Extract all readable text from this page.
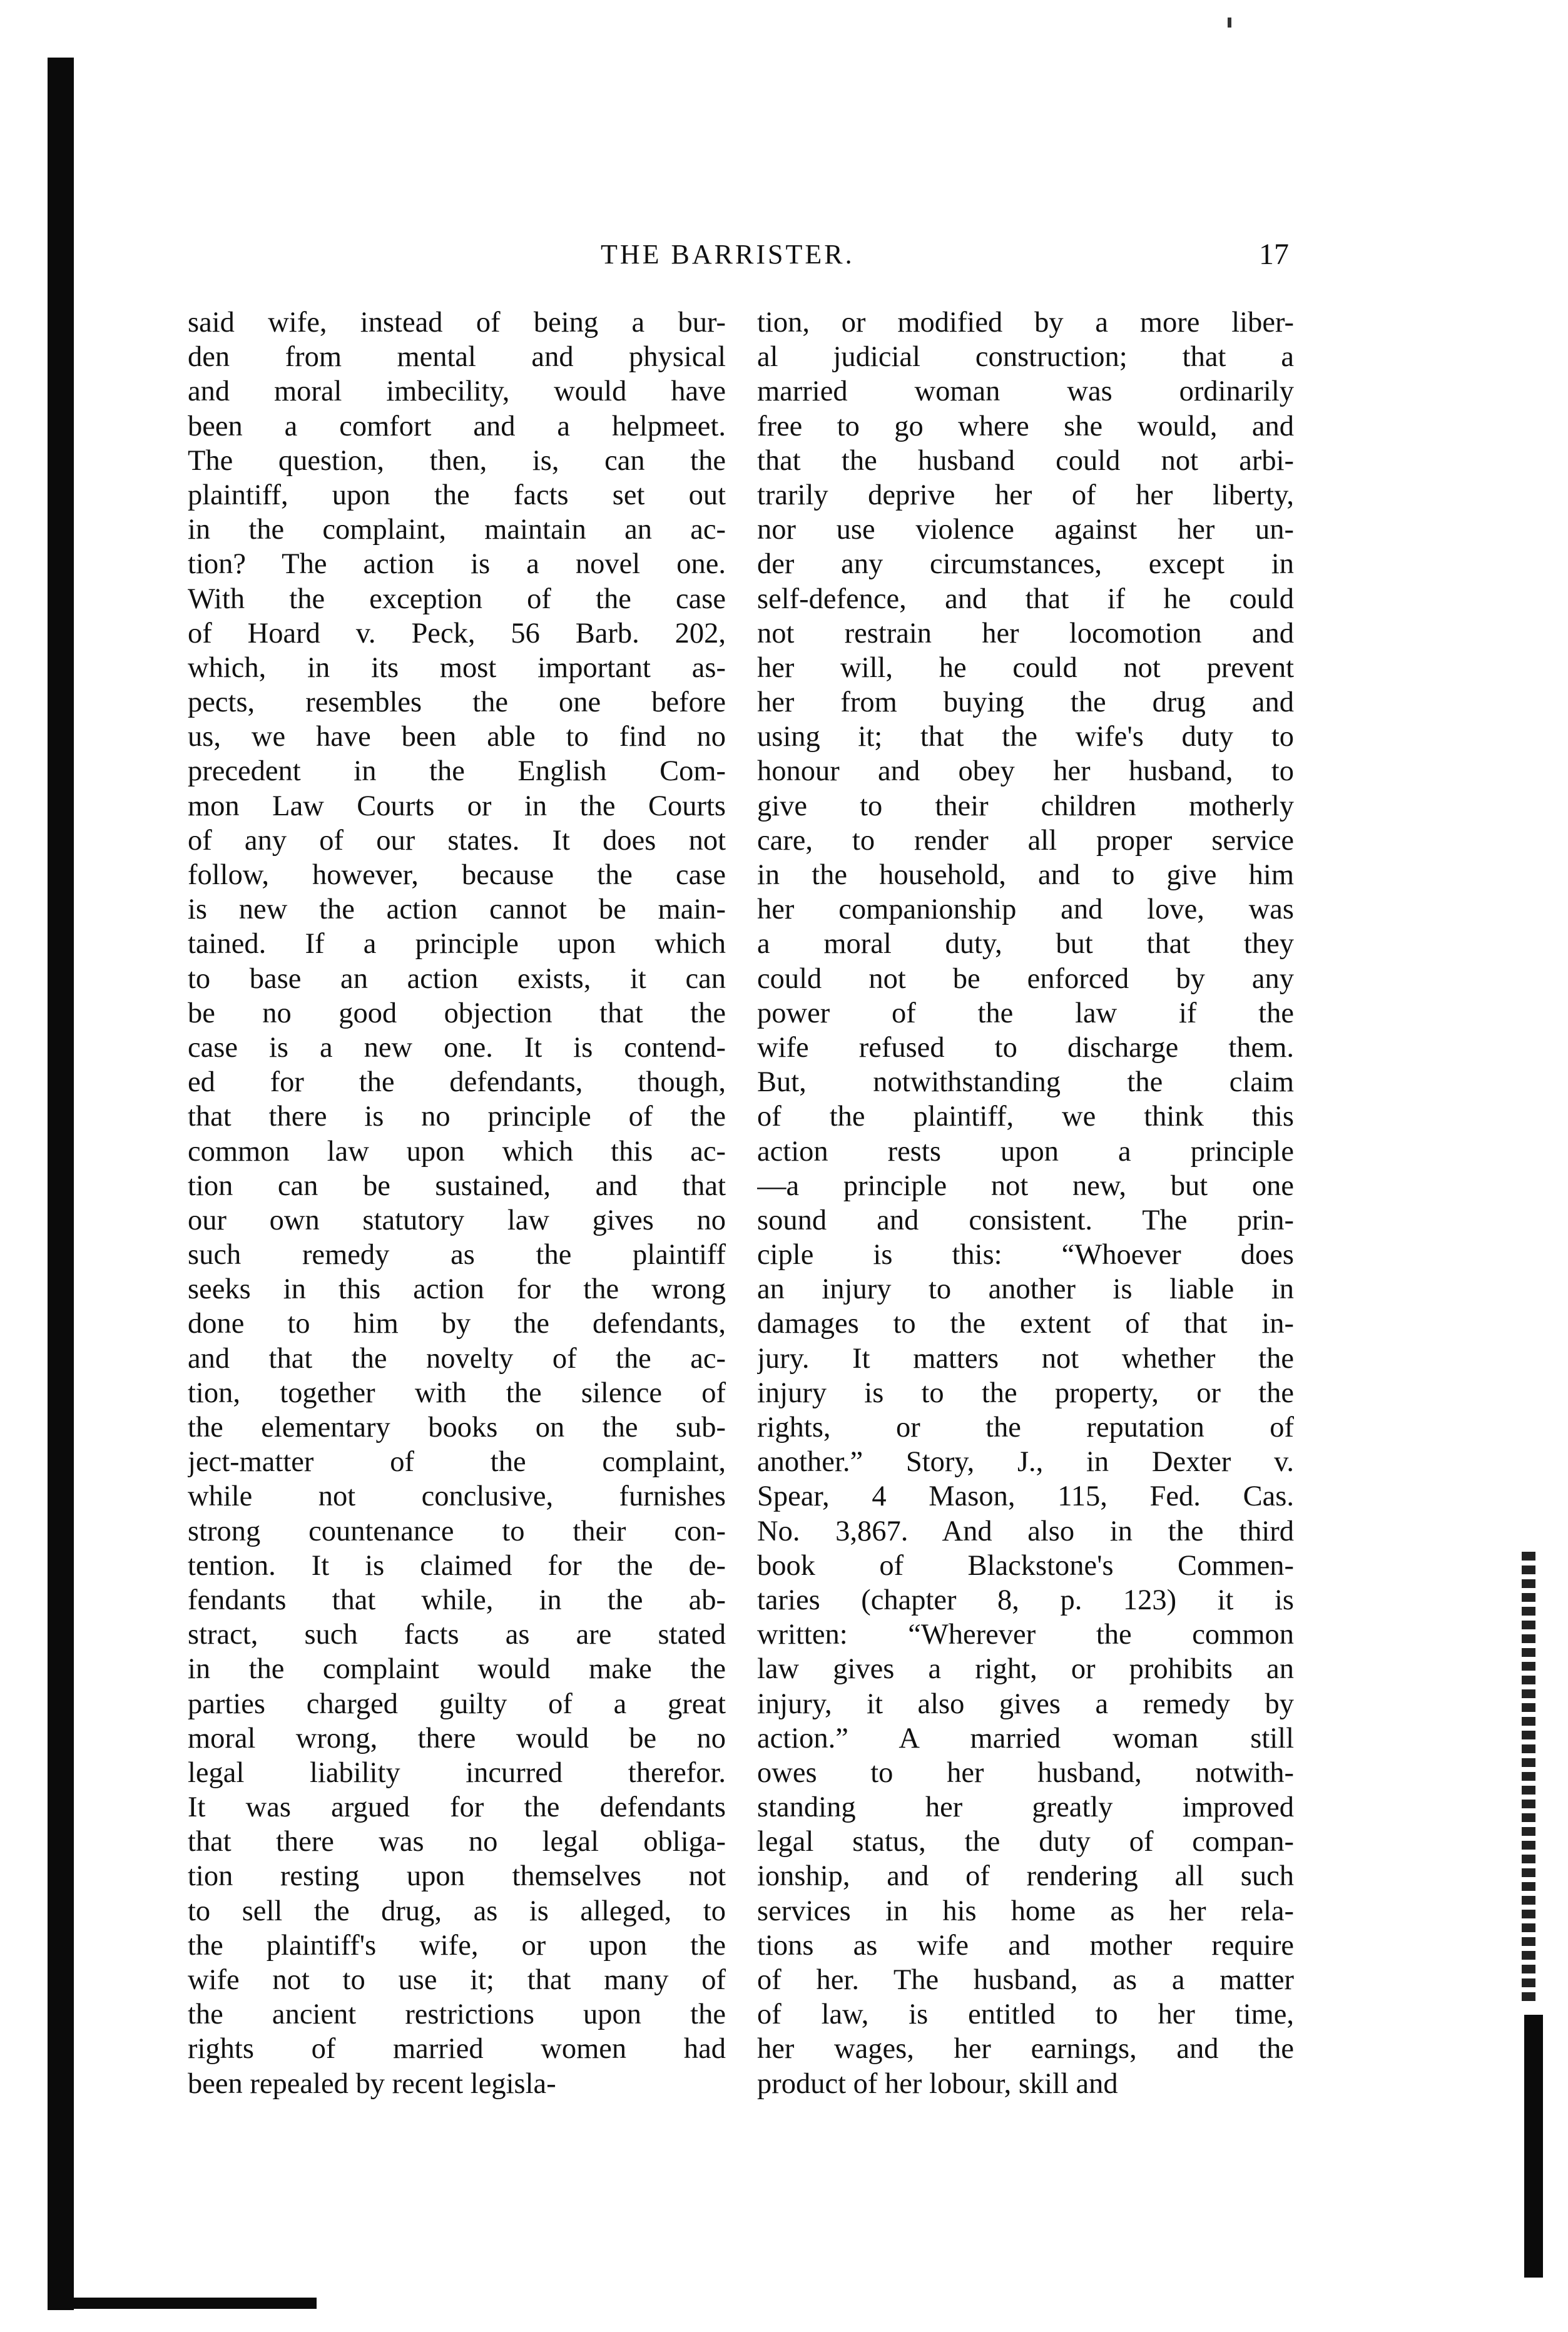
THE BARRISTER.	17
said wife, instead of being a bur-
den from mental and physical
and moral imbecility, would have
been a comfort and a helpmeet.
The question, then, is, can the
plaintiff, upon the facts set out
in the complaint, maintain an ac-
tion? The action is a novel one.
With the exception of the case
of Hoard v. Peck, 56 Barb. 202,
which, in its most important as-
pects, resembles the one before
us, we have been able to find no
precedent in the English Com-
mon Law Courts or in the Courts
of any of our states. It does not
follow, however, because the case
is new the action cannot be main-
tained. If a principle upon which
to base an action exists, it can
be no good objection that the
case is a new one. It is contend-
ed for the defendants, though,
that there is no principle of the
common law upon which this ac-
tion can be sustained, and that
our own statutory law gives no
such remedy as the plaintiff
seeks in this action for the wrong
done to him by the defendants,
and that the novelty of the ac-
tion, together with the silence of
the elementary books on the sub-
ject-matter of the complaint,
while not conclusive, furnishes
strong countenance to their con-
tention. It is claimed for the de-
fendants that while, in the ab-
stract, such facts as are stated
in the complaint would make the
parties charged guilty of a great
moral wrong, there would be no
legal liability incurred therefor.
It was argued for the defendants
that there was no legal obliga-
tion resting upon themselves not
to sell the drug, as is alleged, to
the plaintiff's wife, or upon the
wife not to use it; that many of
the ancient restrictions upon the
rights of married women had
been repealed by recent legisla-
tion, or modified by a more liber-
al judicial construction; that a
married woman was ordinarily
free to go where she would, and
that the husband could not arbi-
trarily deprive her of her liberty,
nor use violence against her un-
der any circumstances, except in
self-defence, and that if he could
not restrain her locomotion and
her will, he could not prevent
her from buying the drug and
using it; that the wife's duty to
honour and obey her husband, to
give to their children motherly
care, to render all proper service
in the household, and to give him
her companionship and love, was
a moral duty, but that they
could not be enforced by any
power of the law if the
wife refused to discharge them.
But, notwithstanding the claim
of the plaintiff, we think this
action rests upon a principle
—a principle not new, but one
sound and consistent. The prin-
ciple is this: “Whoever does
an injury to another is liable in
damages to the extent of that in-
jury. It matters not whether the
injury is to the property, or the
rights, or the reputation of
another.” Story, J., in Dexter v.
Spear, 4 Mason, 115, Fed. Cas.
No. 3,867. And also in the third
book of Blackstone's Commen-
taries (chapter 8, p. 123) it is
written: “Wherever the common
law gives a right, or prohibits an
injury, it also gives a remedy by
action.” A married woman still
owes to her husband, notwith-
standing her greatly improved
legal status, the duty of compan-
ionship, and of rendering all such
services in his home as her rela-
tions as wife and mother require
of her. The husband, as a matter
of law, is entitled to her time,
her wages, her earnings, and the
product of her lobour, skill and
